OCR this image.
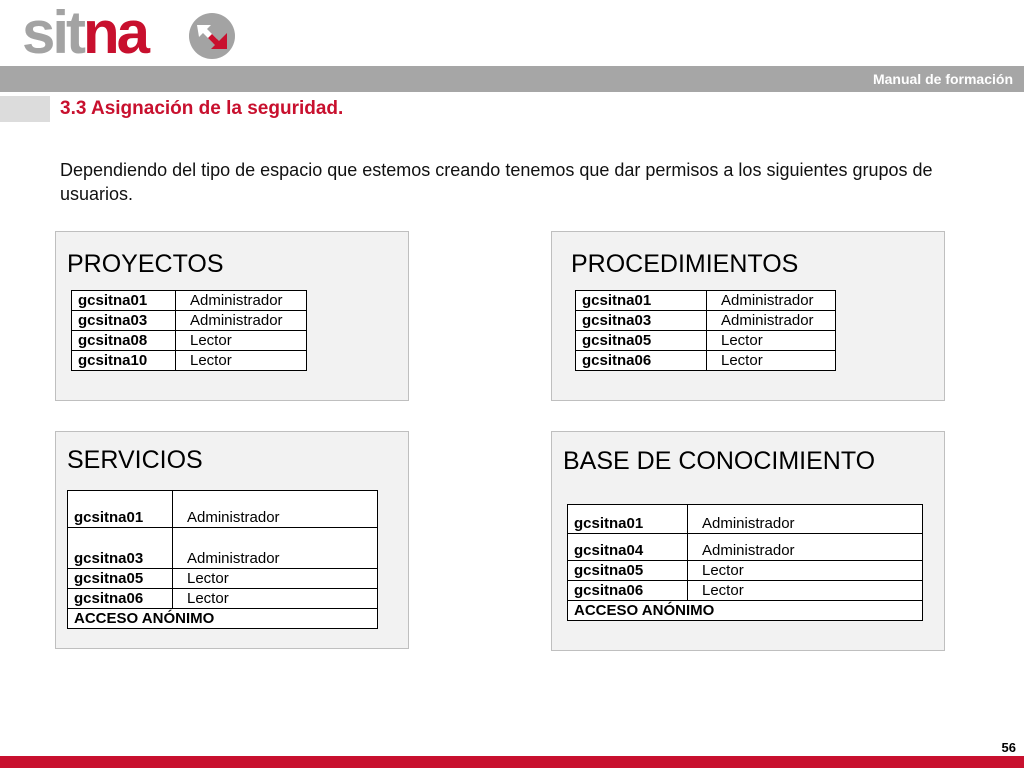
sitna
Manual de formación
3.3 Asignación de la seguridad.
Dependiendo del tipo de espacio que estemos creando tenemos que dar permisos a los siguientes grupos de usuarios.
PROYECTOS
gcsitna01	Administrador
gcsitna03	Administrador
gcsitna08	Lector
gcsitna10	Lector
PROCEDIMIENTOS
gcsitna01	Administrador
gcsitna03	Administrador
gcsitna05	Lector
gcsitna06	Lector
SERVICIOS
gcsitna01	Administrador
gcsitna03	Administrador
gcsitna05	Lector
gcsitna06	Lector
ACCESO ANÓNIMO	
BASE DE CONOCIMIENTO
gcsitna01	Administrador
gcsitna04	Administrador
gcsitna05	Lector
gcsitna06	Lector
ACCESO ANÓNIMO	
56
